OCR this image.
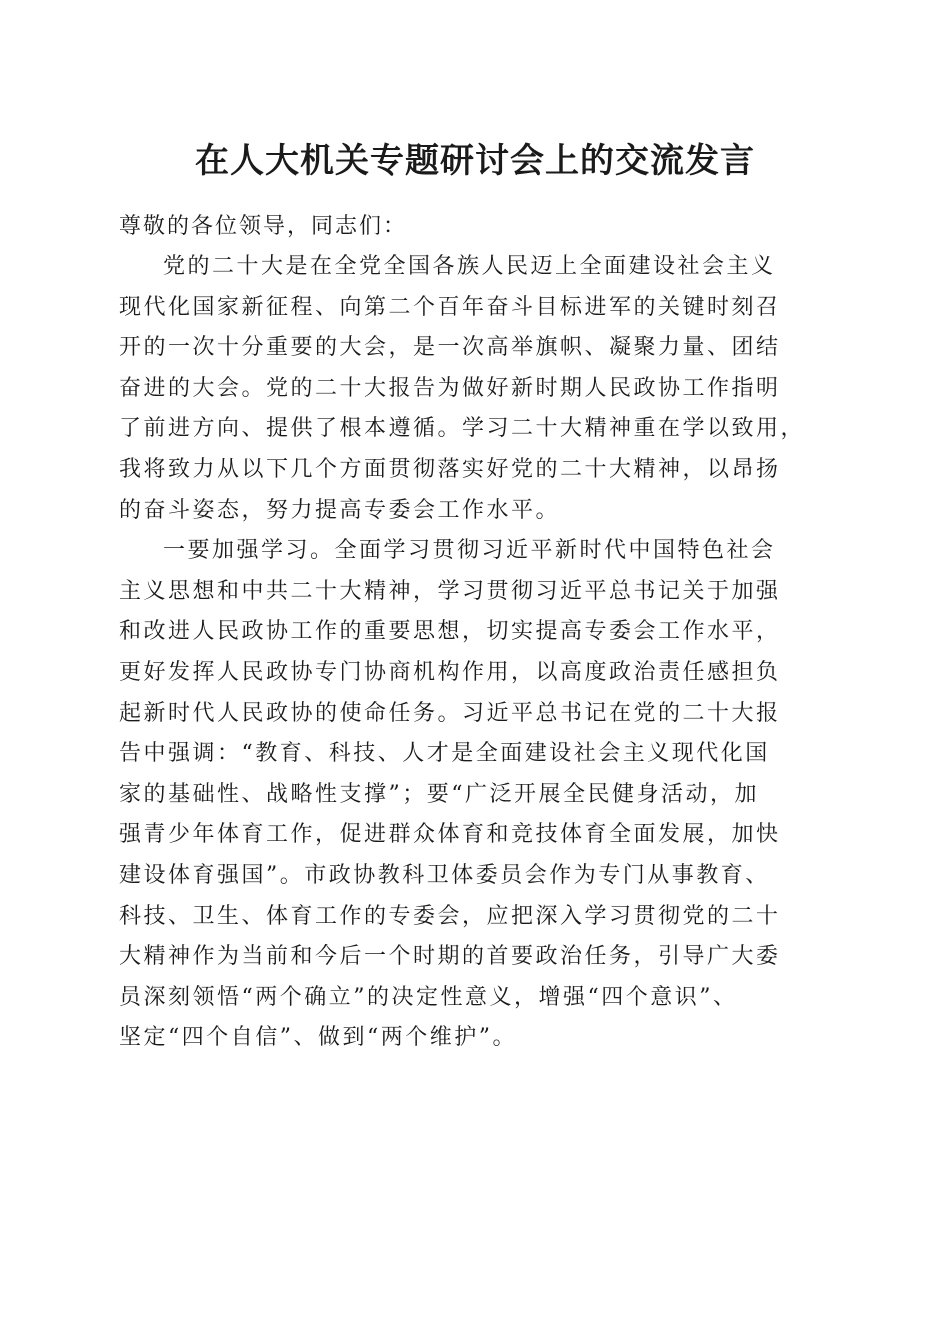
在人大机关专题研讨会上的交流发言

尊敬的各位领导，同志们：

党的二十大是在全党全国各族人民迈上全面建设社会主义
现代化国家新征程、向第二个百年奋斗目标进军的关键时刻召
开的一次十分重要的大会，是一次高举旗帜、凝聚力量、团结
奋进的大会。党的二十大报告为做好新时期人民政协工作指明
了前进方向、提供了根本遵循。学习二十大精神重在学以致用，
我将致力从以下几个方面贯彻落实好党的二十大精神，以昂扬
的奋斗姿态，努力提高专委会工作水平。

一要加强学习。全面学习贯彻习近平新时代中国特色社会
主义思想和中共二十大精神，学习贯彻习近平总书记关于加强
和改进人民政协工作的重要思想，切实提高专委会工作水平，
更好发挥人民政协专门协商机构作用，以高度政治责任感担负
起新时代人民政协的使命任务。习近平总书记在党的二十大报
告中强调：“教育、科技、人才是全面建设社会主义现代化国
家的基础性、战略性支撑”；要“广泛开展全民健身活动，加
强青少年体育工作，促进群众体育和竞技体育全面发展，加快
建设体育强国”。市政协教科卫体委员会作为专门从事教育、
科技、卫生、体育工作的专委会，应把深入学习贯彻党的二十
大精神作为当前和今后一个时期的首要政治任务，引导广大委
员深刻领悟“两个确立”的决定性意义，增强“四个意识”、
坚定“四个自信”、做到“两个维护”。
